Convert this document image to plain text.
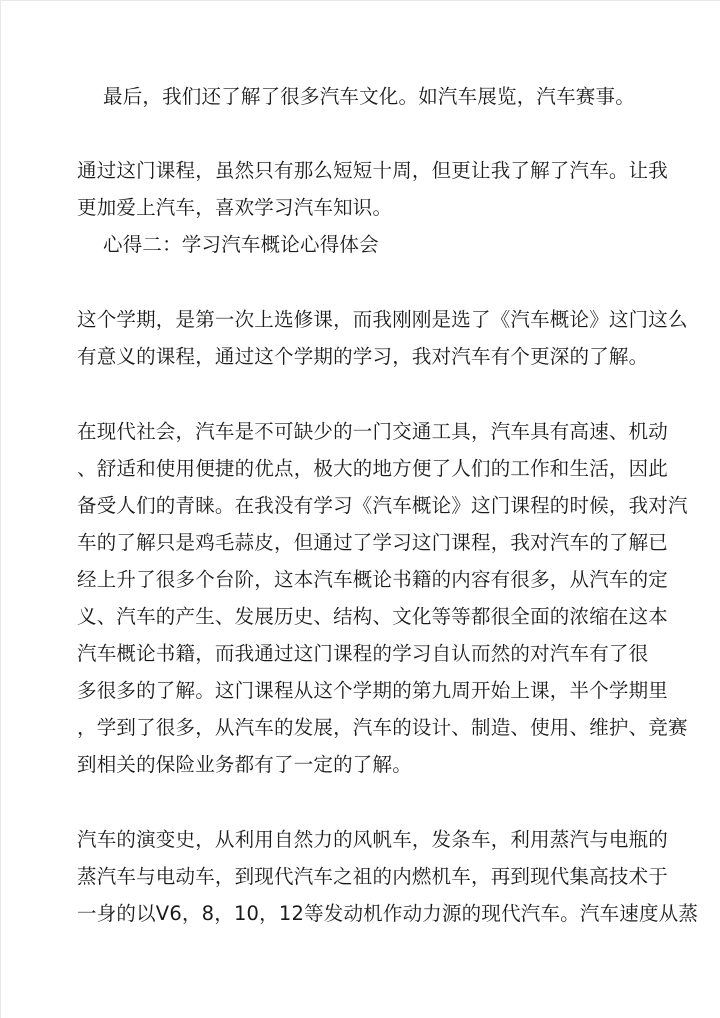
最后，我们还了解了很多汽车文化。如汽车展览，汽车赛事。

通过这门课程，虽然只有那么短短十周，但更让我了解了汽车。让我

更加爱上汽车，喜欢学习汽车知识。

心得二：学习汽车概论心得体会

这个学期，是第一次上选修课，而我刚刚是选了《汽车概论》这门这么

有意义的课程，通过这个学期的学习，我对汽车有个更深的了解。

在现代社会，汽车是不可缺少的一门交通工具，汽车具有高速、机动

、舒适和使用便捷的优点，极大的地方便了人们的工作和生活，因此

备受人们的青睐。在我没有学习《汽车概论》这门课程的时候，我对汽

车的了解只是鸡毛蒜皮，但通过了学习这门课程，我对汽车的了解已

经上升了很多个台阶，这本汽车概论书籍的内容有很多，从汽车的定

义、汽车的产生、发展历史、结构、文化等等都很全面的浓缩在这本

汽车概论书籍，而我通过这门课程的学习自认而然的对汽车有了很

多很多的了解。这门课程从这个学期的第九周开始上课，半个学期里

，学到了很多，从汽车的发展，汽车的设计、制造、使用、维护、竞赛

到相关的保险业务都有了一定的了解。

汽车的演变史，从利用自然力的风帆车，发条车，利用蒸汽与电瓶的

蒸汽车与电动车，到现代汽车之祖的内燃机车，再到现代集高技术于

一身的以V6，8，10，12等发动机作动力源的现代汽车。汽车速度从蒸
